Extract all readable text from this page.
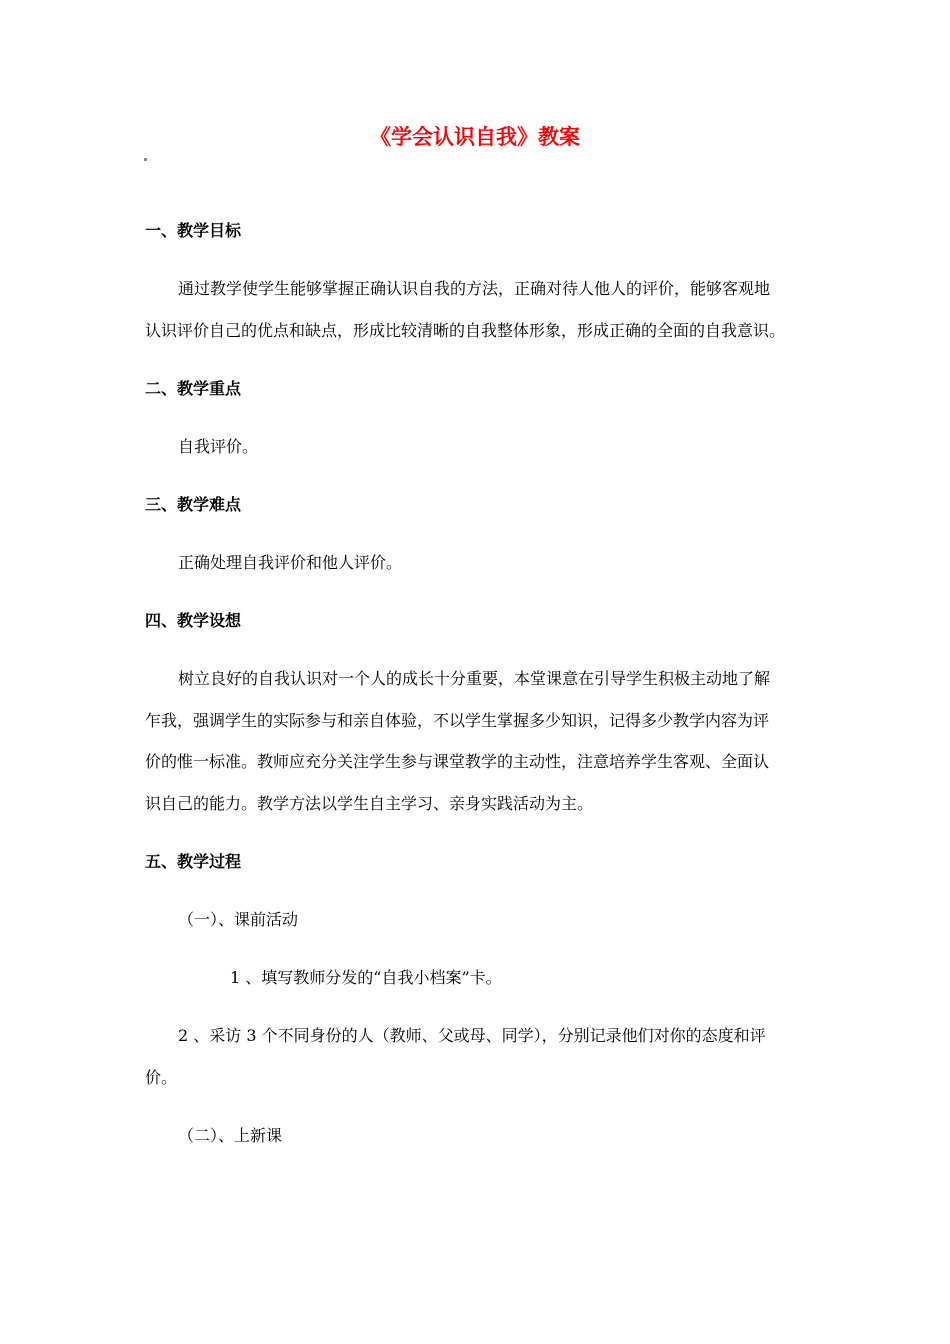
《学会认识自我》教案
一、教学目标
通过教学使学生能够掌握正确认识自我的方法，正确对待人他人的评价，能够客观地
认识评价自己的优点和缺点，形成比较清晰的自我整体形象，形成正确的全面的自我意识。
二、教学重点
自我评价。
三、教学难点
正确处理自我评价和他人评价。
四、教学设想
树立良好的自我认识对一个人的成长十分重要，本堂课意在引导学生积极主动地了解
乍我，强调学生的实际参与和亲自体验，不以学生掌握多少知识，记得多少教学内容为评
价的惟一标准。教师应充分关注学生参与课堂教学的主动性，注意培养学生客观、全面认
识自己的能力。教学方法以学生自主学习、亲身实践活动为主。
五、教学过程
（一）、课前活动
1 、填写教师分发的“自我小档案”卡。
2 、采访 3 个不同身份的人（教师、父或母、同学），分别记录他们对你的态度和评
价。
（二）、上新课
